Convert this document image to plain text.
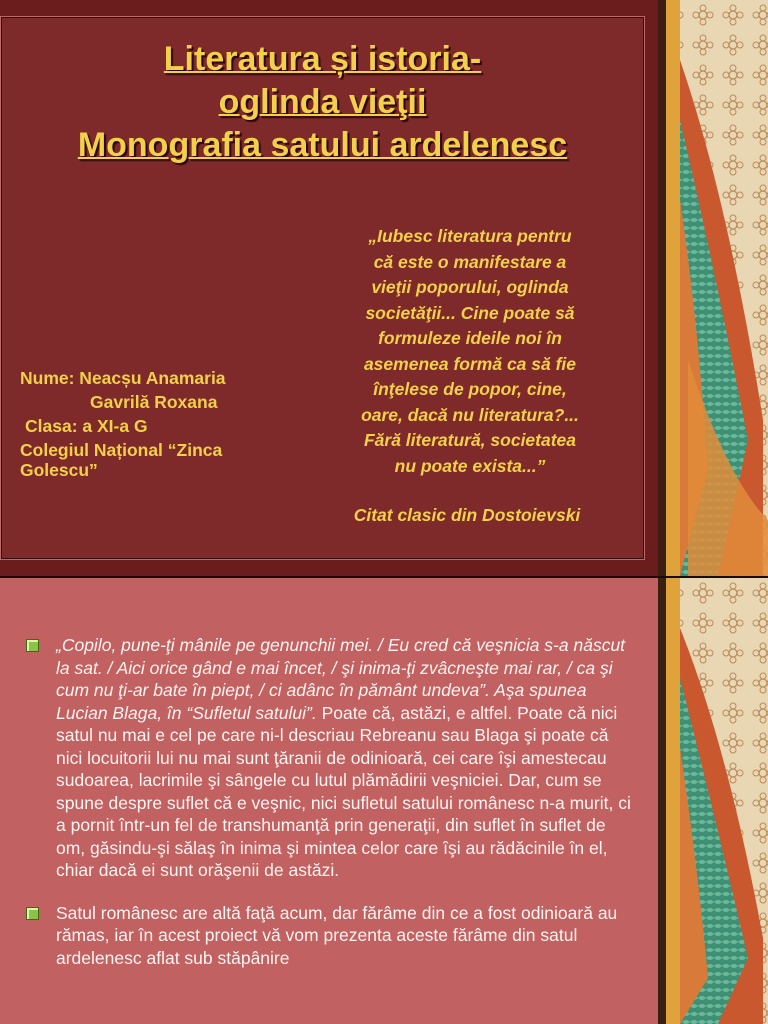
Literatura și istoria-
oglinda vieţii
Monografia satului ardelenesc
„Iubesc literatura pentru
că este o manifestare a
vieţii poporului, oglinda
societăţii... Cine poate să
formuleze ideile noi în
asemenea formă ca să fie
înţelese de popor, cine,
oare, dacă nu literatura?...
Fără literatură, societatea
nu poate exista...”
Citat clasic din Dostoievski
Nume: Neacșu Anamaria
Gavrilă Roxana
Clasa: a XI-a G
Colegiul Național “Zinca
Golescu”
„Copilo, pune-ţi mânile pe genunchii mei. / Eu cred că veşnicia s-a născut la sat. / Aici orice gând e mai încet, / şi inima-ţi zvâcneşte mai rar, / ca şi cum nu ţi-ar bate în piept, / ci adânc în pământ undeva”. Aşa spunea Lucian Blaga, în “Sufletul satului”. Poate că, astăzi, e altfel. Poate că nici satul nu mai e cel pe care ni-l descriau Rebreanu sau Blaga şi poate că nici locuitorii lui nu mai sunt ţăranii de odinioară, cei care îşi amestecau sudoarea, lacrimile şi sângele cu lutul plămădirii veşniciei. Dar, cum se spune despre suflet că e veşnic, nici sufletul satului românesc n-a murit, ci a pornit într-un fel de transhumanţă prin generaţii, din suflet în suflet de om, găsindu-şi sălaş în inima şi mintea celor care îşi au rădăcinile în el, chiar dacă ei sunt orăşenii de astăzi.
Satul românesc are altă faţă acum, dar fărâme din ce a fost odinioară au rămas, iar în acest proiect vă vom prezenta aceste fărâme din satul ardelenesc aflat sub stăpânire
